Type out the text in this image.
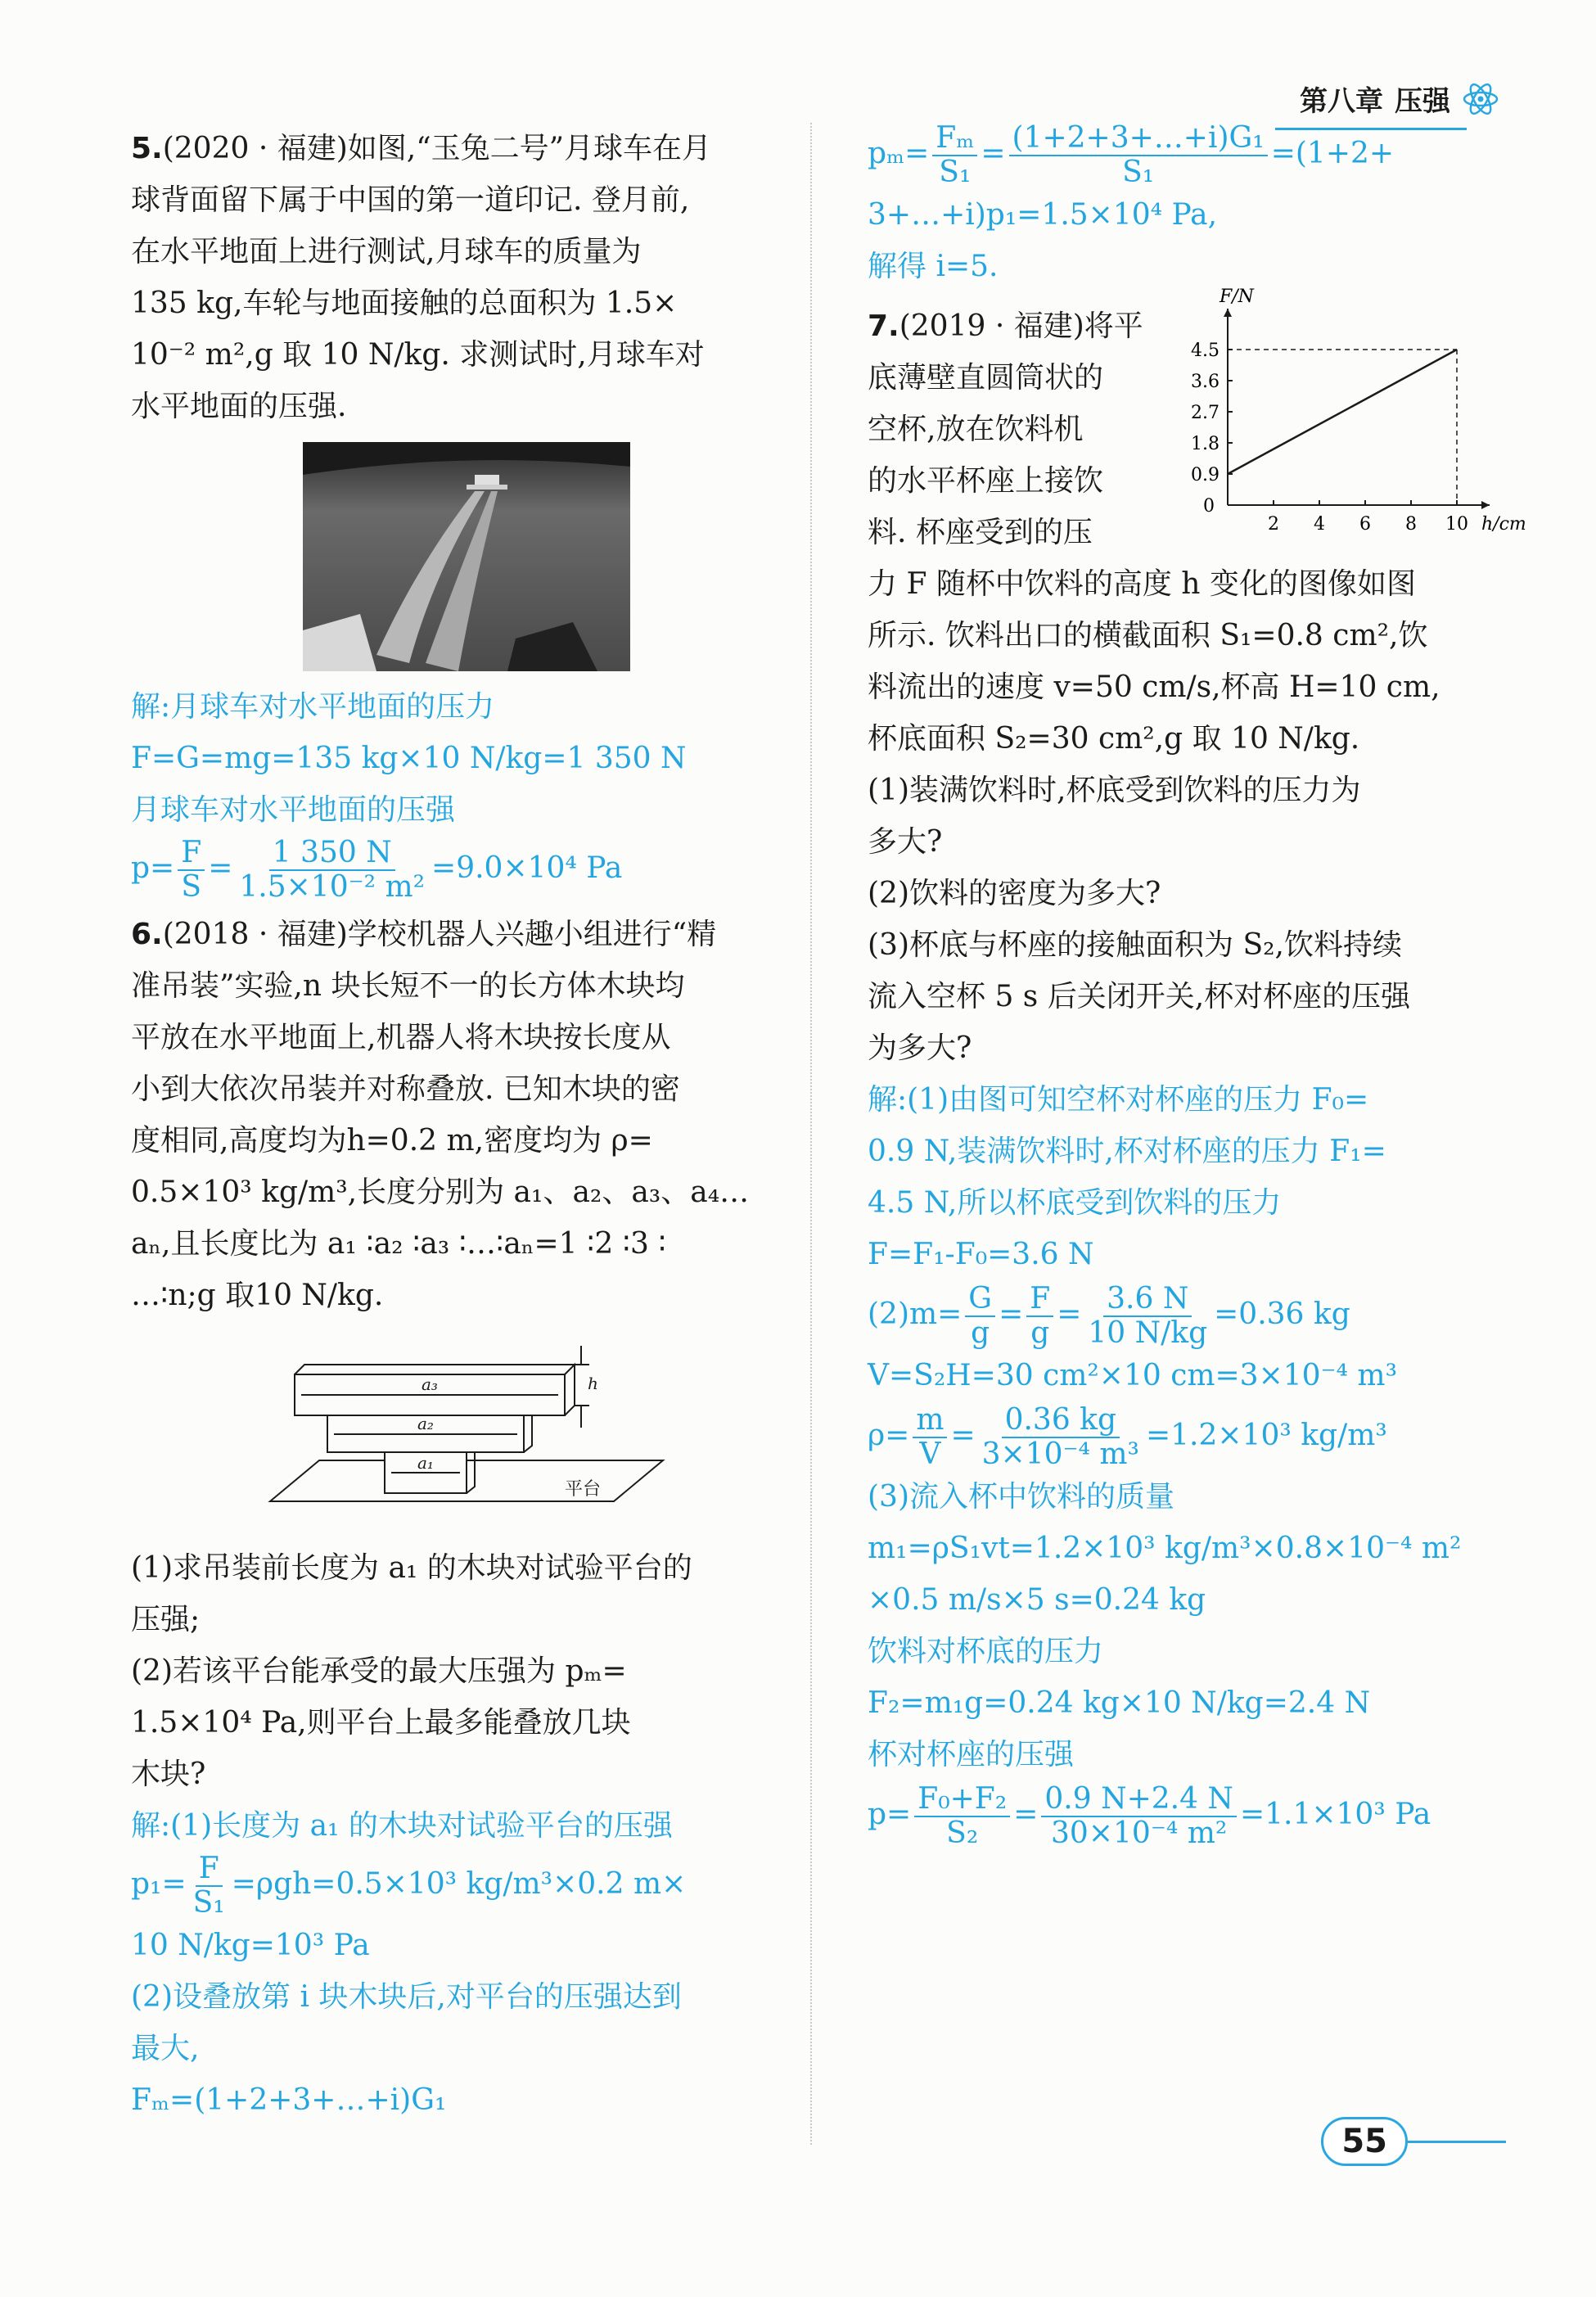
第八章 压强

5.(2020 · 福建)如图,“玉兔二号”月球车在月

球背面留下属于中国的第一道印记. 登月前,

在水平地面上进行测试,月球车的质量为

135 kg,车轮与地面接触的总面积为 1.5×

10⁻² m²,g 取 10 N/kg. 求测试时,月球车对

水平地面的压强.

解:月球车对水平地面的压力

F=G=mg=135 kg×10 N/kg=1 350 N

月球车对水平地面的压强

$p= \frac{F}{S} = \frac{1 350 N}{\text{1.5×10⁻² m²}} =9.0\times 10^4$ Pa

6.(2018 · 福建)学校机器人兴趣小组进行“精

准吊装”实验,n 块长短不一的长方体木块均

平放在水平地面上,机器人将木块按长度从

小到大依次吊装并对称叠放. 已知木块的密

度相同,高度均为h=0.2 m,密度均为 ρ=

0.5×10³ kg/m³,长度分别为 a₁、a₂、a₃、a₄…

aₙ,且长度比为 a₁ ∶a₂ ∶a₃ ∶…∶aₙ=1 ∶2 ∶3 ∶

…∶n;g 取10 N/kg.

a₃
a₂
a₁
h
平台

(1)求吊装前长度为 a₁ 的木块对试验平台的

压强;

(2)若该平台能承受的最大压强为 pₘ=

1.5×10⁴ Pa,则平台上最多能叠放几块

木块?

解:(1)长度为 a₁ 的木块对试验平台的压强

$p_1= \frac{F}{\text{S₁}} =\rho gh=0.5\times 10^3$ kg/m³×0.2 m×

10 N/kg=10³ Pa

(2)设叠放第 i 块木块后,对平台的压强达到

最大,

Fₘ=(1+2+3+…+i)G₁

$p_m= \frac{\text{Fₘ}}{\text{S₁}} = \frac{\text{(1+2+3+…+i)G₁}}{\text{S₁}} =(1+2+$

3+…+i)p₁=1.5×10⁴ Pa,

解得 i=5.

7.(2019 · 福建)将平

底薄壁直圆筒状的

空杯,放在饮料机

的水平杯座上接饮

料. 杯座受到的压

F/N
h/cm
0
2 4 6 8 10
0.9
1.8
2.7
3.6
4.5

力 F 随杯中饮料的高度 h 变化的图像如图

所示. 饮料出口的横截面积 S₁=0.8 cm²,饮

料流出的速度 v=50 cm/s,杯高 H=10 cm,

杯底面积 S₂=30 cm²,g 取 10 N/kg.

(1)装满饮料时,杯底受到饮料的压力为

多大?

(2)饮料的密度为多大?

(3)杯底与杯座的接触面积为 S₂,饮料持续

流入空杯 5 s 后关闭开关,杯对杯座的压强

为多大?

解:(1)由图可知空杯对杯座的压力 F₀=

0.9 N,装满饮料时,杯对杯座的压力 F₁=

4.5 N,所以杯底受到饮料的压力

F=F₁-F₀=3.6 N

$(2)m= \frac{G}{g} = \frac{F}{g} = \frac{3.6 N}{10 N/kg} =0.36$ kg

V=S₂H=30 cm²×10 cm=3×10⁻⁴ m³

$\rho= \frac{m}{V} = \frac{0.36 kg}{\text{3×10⁻⁴ m³}} =1.2\times 10^3$ kg/m³

(3)流入杯中饮料的质量

m₁=ρS₁vt=1.2×10³ kg/m³×0.8×10⁻⁴ m²

×0.5 m/s×5 s=0.24 kg

饮料对杯底的压力

F₂=m₁g=0.24 kg×10 N/kg=2.4 N

杯对杯座的压强

$p= \frac{\text{F₀+F₂}}{\text{S₂}} = \frac{0.9 N+2.4 N}{\text{30×10⁻⁴ m²}} =1.1\times 10^3$ Pa

55
